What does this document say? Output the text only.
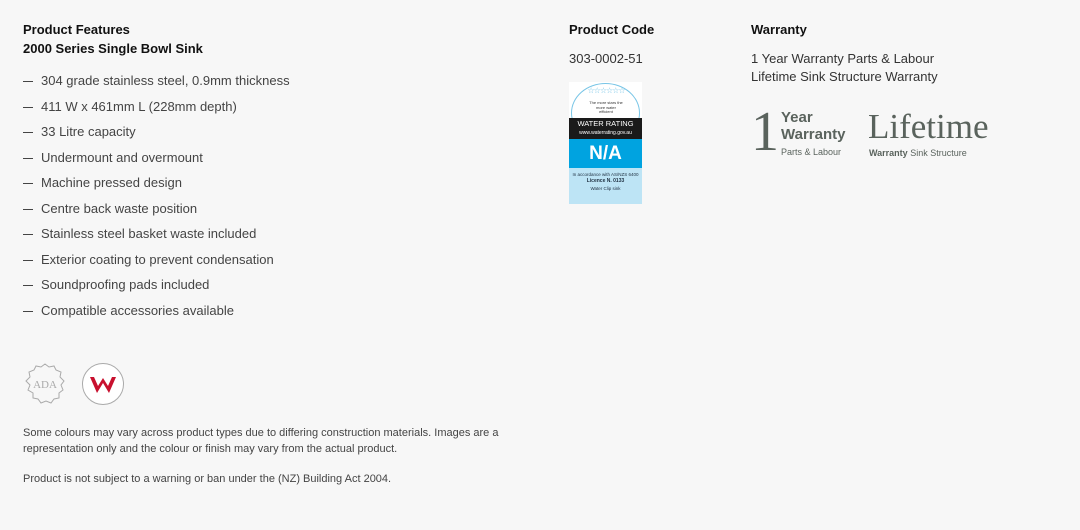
Product Features
2000 Series Single Bowl Sink
304 grade stainless steel, 0.9mm thickness
411 W x 461mm L (228mm depth)
33 Litre capacity
Undermount and overmount
Machine pressed design
Centre back waste position
Stainless steel basket waste included
Exterior coating to prevent condensation
Soundproofing pads included
Compatible accessories available
ADA

Some colours may vary across product types due to differing construction materials. Images are a representation only and the colour or finish may vary from the actual product.

Product is not subject to a warning or ban under the (NZ) Building Act 2004.

Product Code
303-0002-51
☆☆☆☆☆☆
The more stars the more water efficient
WATER RATING
www.waterrating.gov.au
N/A
In accordance with AS/NZS 6400
Licence N. 0133
Water Clip sink
Warranty
1 Year Warranty Parts & Labour
Lifetime Sink Structure Warranty
1 Year
Warranty
Parts & Labour
Lifetime
Warranty Sink Structure
